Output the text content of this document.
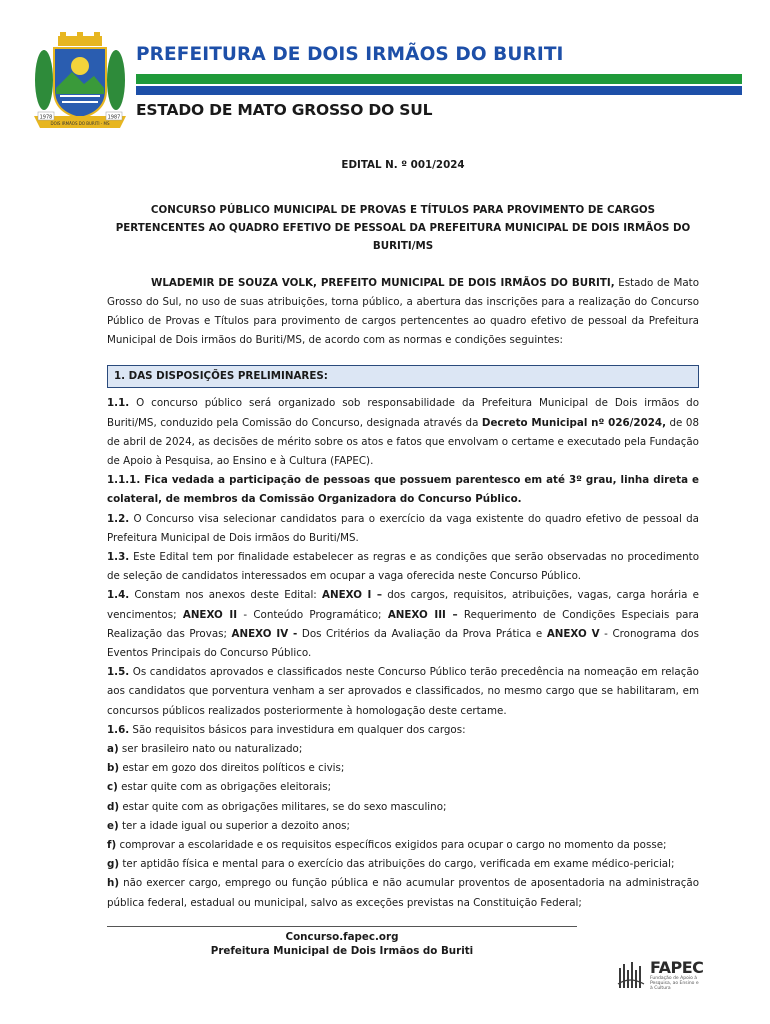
1978	1987
DOIS IRMÃOS DO BURITI - MS
PREFEITURA DE DOIS IRMÃOS DO BURITI
ESTADO DE MATO GROSSO DO SUL
EDITAL N. º 001/2024
CONCURSO PÚBLICO MUNICIPAL DE PROVAS E TÍTULOS PARA PROVIMENTO DE CARGOS PERTENCENTES AO QUADRO EFETIVO DE PESSOAL DA PREFEITURA MUNICIPAL DE DOIS IRMÃOS DO BURITI/MS
WLADEMIR DE SOUZA VOLK, PREFEITO MUNICIPAL DE DOIS IRMÃOS DO BURITI, Estado de Mato Grosso do Sul, no uso de suas atribuições, torna público, a abertura das inscrições para a realização do Concurso Público de Provas e Títulos para provimento de cargos pertencentes ao quadro efetivo de pessoal da Prefeitura Municipal de Dois irmãos do Buriti/MS, de acordo com as normas e condições seguintes:
1. DAS DISPOSIÇÕES PRELIMINARES:
1.1. O concurso público será organizado sob responsabilidade da Prefeitura Municipal de Dois irmãos do Buriti/MS, conduzido pela Comissão do Concurso, designada através da Decreto Municipal nº 026/2024, de 08 de abril de 2024, as decisões de mérito sobre os atos e fatos que envolvam o certame e executado pela Fundação de Apoio à Pesquisa, ao Ensino e à Cultura (FAPEC).
1.1.1. Fica vedada a participação de pessoas que possuem parentesco em até 3º grau, linha direta e colateral, de membros da Comissão Organizadora do Concurso Público.
1.2. O Concurso visa selecionar candidatos para o exercício da vaga existente do quadro efetivo de pessoal da Prefeitura Municipal de Dois irmãos do Buriti/MS.
1.3. Este Edital tem por finalidade estabelecer as regras e as condições que serão observadas no procedimento de seleção de candidatos interessados em ocupar a vaga oferecida neste Concurso Público.
1.4. Constam nos anexos deste Edital: ANEXO I – dos cargos, requisitos, atribuições, vagas, carga horária e vencimentos; ANEXO II - Conteúdo Programático; ANEXO III – Requerimento de Condições Especiais para Realização das Provas; ANEXO IV - Dos Critérios da Avaliação da Prova Prática e ANEXO V - Cronograma dos Eventos Principais do Concurso Público.
1.5. Os candidatos aprovados e classificados neste Concurso Público terão precedência na nomeação em relação aos candidatos que porventura venham a ser aprovados e classificados, no mesmo cargo que se habilitaram, em concursos públicos realizados posteriormente à homologação deste certame.
1.6. São requisitos básicos para investidura em qualquer dos cargos:
a) ser brasileiro nato ou naturalizado;
b) estar em gozo dos direitos políticos e civis;
c) estar quite com as obrigações eleitorais;
d) estar quite com as obrigações militares, se do sexo masculino;
e) ter a idade igual ou superior a dezoito anos;
f) comprovar a escolaridade e os requisitos específicos exigidos para ocupar o cargo no momento da posse;
g) ter aptidão física e mental para o exercício das atribuições do cargo, verificada em exame médico-pericial;
h) não exercer cargo, emprego ou função pública e não acumular proventos de aposentadoria na administração pública federal, estadual ou municipal, salvo as exceções previstas na Constituição Federal;
Concurso.fapec.org
Prefeitura Municipal de Dois Irmãos do Buriti
FAPEC
Fundação de Apoio à Pesquisa, ao Ensino e à Cultura
